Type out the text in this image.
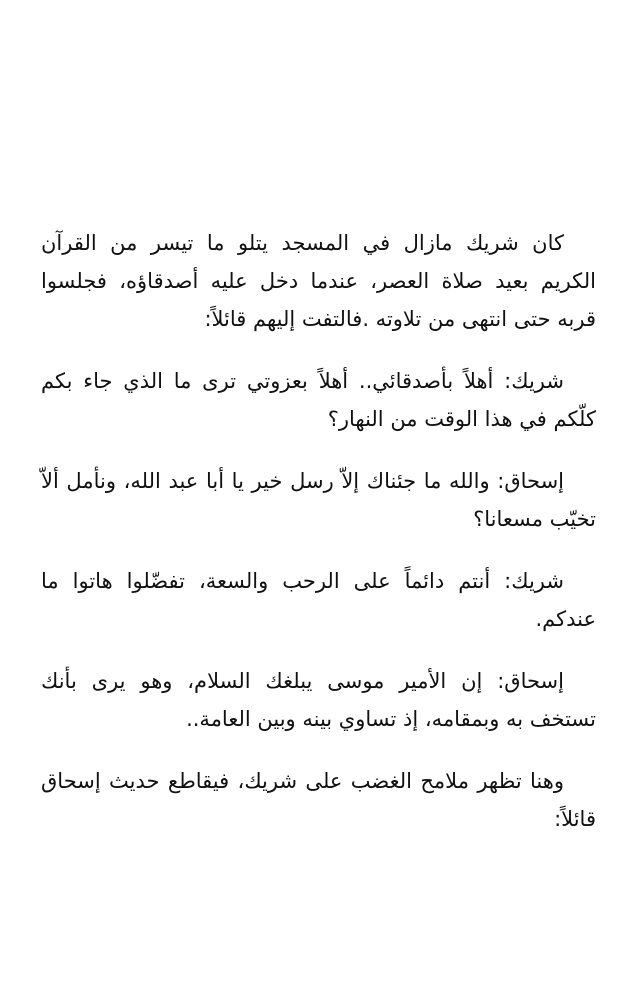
كان شريك مازال في المسجد يتلو ما تيسر من القرآن الكريم بعيد صلاة العصر، عندما دخل عليه أصدقاؤه، فجلسوا قربه حتى انتهى من تلاوته .فالتفت إليهم قائلاً:

شريك: أهلاً بأصدقائي.. أهلاً بعزوتي ترى ما الذي جاء بكم كلّكم في هذا الوقت من النهار؟

إسحاق: والله ما جئناك إلاّ رسل خير يا أبا عبد الله، ونأمل ألاّ تخيّب مسعانا؟

شريك: أنتم دائماً على الرحب والسعة، تفضّلوا هاتوا ما عندكم.

إسحاق: إن الأمير موسى يبلغك السلام، وهو يرى بأنك تستخف به وبمقامه، إذ تساوي بينه وبين العامة..

وهنا تظهر ملامح الغضب على شريك، فيقاطع حديث إسحاق قائلاً:
